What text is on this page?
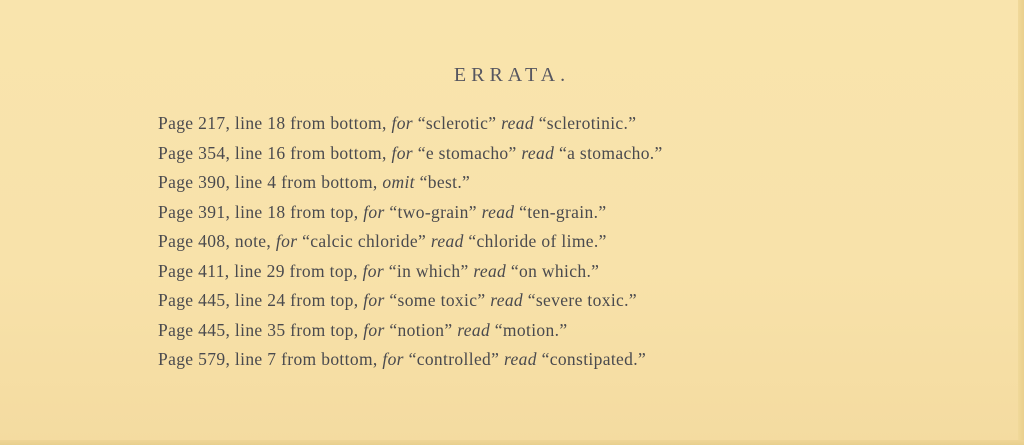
ERRATA.
Page 217, line 18 from bottom, for “sclerotic” read “sclerotinic.”
Page 354, line 16 from bottom, for “e stomacho” read “a stomacho.”
Page 390, line 4 from bottom, omit “best.”
Page 391, line 18 from top, for “two-grain” read “ten-grain.”
Page 408, note, for “calcic chloride” read “chloride of lime.”
Page 411, line 29 from top, for “in which” read “on which.”
Page 445, line 24 from top, for “some toxic” read “severe toxic.”
Page 445, line 35 from top, for “notion” read “motion.”
Page 579, line 7 from bottom, for “controlled” read “constipated.”
